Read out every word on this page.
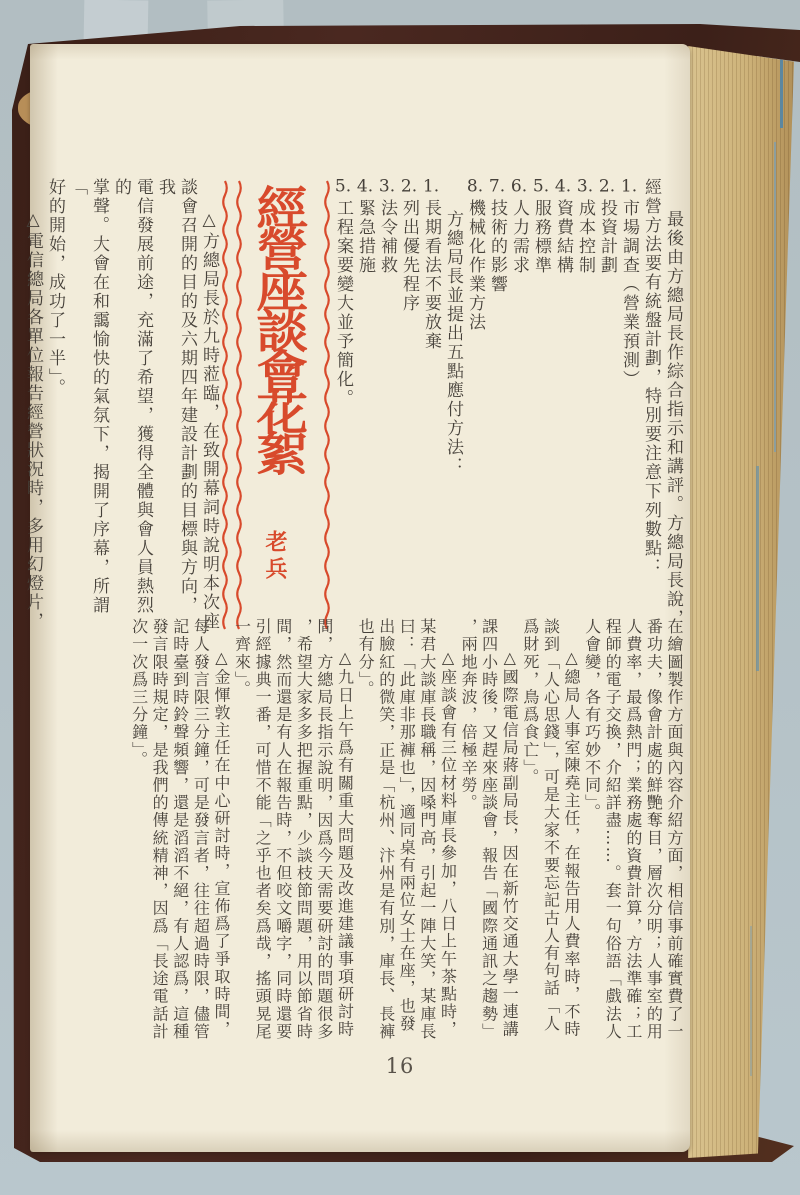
最後由方總局長作綜合指示和講評。方總局長說，
經營方法要有統盤計劃，特別要注意下列數點：
1.市場調查（營業預測）
2.投資計劃
3.成本控制
4.資費結構
5.服務標準
6.人力需求
7.技術的影響
8.機械化作業方法
方總局長並提出五點應付方法：
1.長期看法不要放棄
2.列出優先程序
3.法令補救
4.緊急措施
5.工程案要變大並予簡化。
經營座談會花絮
老兵
△方總局長於九時蒞臨，在致開幕詞時說明本次座
談會召開的目的及六期四年建設計劃的目標與方向，我
電信發展前途，充滿了希望，獲得全體與會人員熱烈的
掌聲。大會在和靄愉快的氣氛下，揭開了序幕，所謂「
好的開始，成功了一半」。
△電信總局各單位報告經營狀況時，多用幻燈片，
在繪圖製作方面與內容介紹方面，相信事前確實費了一
番功夫，像會計處的鮮艷奪目，層次分明；人事室的用
人費率，最爲熱門；業務處的資費計算，方法準確；工
程師的電子交換，介紹詳盡……。套一句俗語「戲法人
人會變，各有巧妙不同」。
△總局人事室陳堯主任，在報告用人費率時，不時
談到「人心思錢」，可是大家不要忘記古人有句話「人
爲財死，鳥爲食亡」。
△國際電信局蔣副局長，因在新竹交通大學一連講
課四小時後，又趕來座談會，報告「國際通訊之趨勢」
，兩地奔波，倍極辛勞。
△座談會有三位材料庫長參加，八日上午茶點時，
某君大談庫長職稱，因嗓門高，引起一陣大笑，某庫長
曰：「此庫非那褲也」，適同桌有兩位女士在座，也發
出臉紅的微笑，正是「杭州、汴州是有別，庫長、長褲
也有分」。
△九日上午爲有關重大問題及改進建議事項研討時
間，方總局長指示說明，因爲今天需要研討的問題很多
，希望大家多多把握重點，少談枝節問題，用以節省時
間，然而還是有人在報告時，不但咬文嚼字，同時還要
引經據典一番，可惜不能「之乎也者矣爲哉，搖頭晃尾
一齊來」。
△金惲敦主任在中心研討時，宣佈爲了爭取時間，
每人發言限三分鐘，可是發言者，往往超過時限，儘管
記時臺到時鈴聲頻響，還是滔滔不絕，有人認爲，這種
發言限時規定，是我們的傳統精神，因爲「長途電話計
次一次爲三分鐘」。
16
